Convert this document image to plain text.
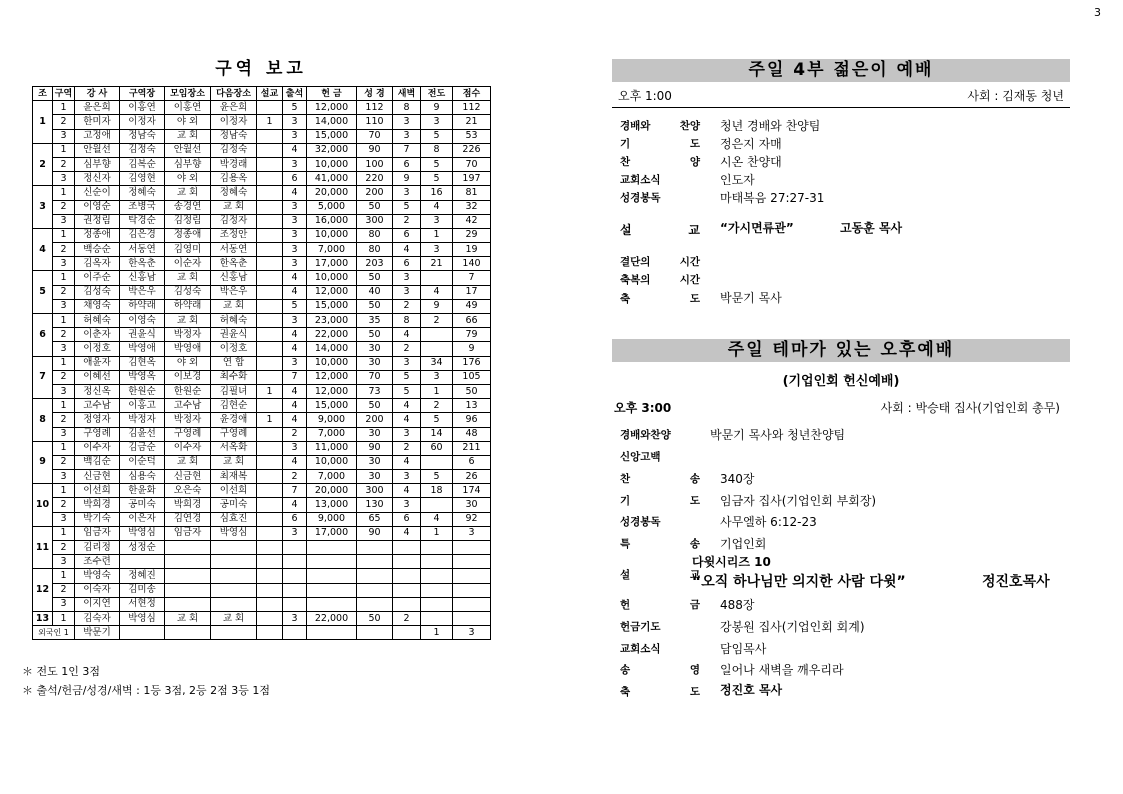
3
구역 보고
조	구역	강 사	구역장	모임장소	다음장소	설교	출석	헌 금	성 경	새벽	전도	점수
1	1	윤은희	이홍연	이홍연	윤은희		5	12,000	112	8	9	112
	2	한미자	이정자	야 외	이정자	1	3	14,000	110	3	3	21
	3	고정애	정남숙	교 회	정남숙		3	15,000	70	3	5	53
2	1	안월선	김정숙	안월선	김정숙		4	32,000	90	7	8	226
	2	심부향	김복순	심부향	박경래		3	10,000	100	6	5	70
	3	정신자	김영현	야 외	김용옥		6	41,000	220	9	5	197
3	1	신순이	정혜숙	교 회	정혜숙		4	20,000	200	3	16	81
	2	이영순	조병국	송경연	교 회		3	5,000	50	5	4	32
	3	권정림	탁경순	김정림	김정자		3	16,000	300	2	3	42
4	1	정종애	김은경	정종애	조정안		3	10,000	80	6	1	29
	2	백승순	서동연	김영미	서동연		3	7,000	80	4	3	19
	3	김옥자	한옥춘	이순자	한옥춘		3	17,000	203	6	21	140
5	1	이주순	신홍남	교 회	신홍남		4	10,000	50	3		7
	2	김성숙	박은우	김성숙	박은우		4	12,000	40	3	4	17
	3	채영숙	하약래	하약래	교 회		5	15,000	50	2	9	49
6	1	허혜숙	이영숙	교 회	허혜숙		3	23,000	35	8	2	66
	2	이춘자	권윤식	박정자	권윤식		4	22,000	50	4		79
	3	이정호	박영애	박영애	이정호		4	14,000	30	2		9
7	1	애윤자	김현옥	야 외	연 합		3	10,000	30	3	34	176
	2	이혜선	박영옥	이보경	최수화		7	12,000	70	5	3	105
	3	정신옥	한원순	한원순	김필녀	1	4	12,000	73	5	1	50
8	1	고수남	이홍고	고수남	김현순		4	15,000	50	4	2	13
	2	정영자	박정자	박정자	윤경애	1	4	9,000	200	4	5	96
	3	구영례	김윤선	구영례	구영례		2	7,000	30	3	14	48
9	1	이수자	김금순	이수자	서옥화		3	11,000	90	2	60	211
	2	백김순	이순덕	교 회	교 회		4	10,000	30	4		6
	3	신금현	심용숙	신금현	최재복		2	7,000	30	3	5	26
10	1	이선희	한윤화	오은숙	이선희		7	20,000	300	4	18	174
	2	박희경	공미숙	박희경	공미숙		4	13,000	130	3		30
	3	박기숙	이은자	김연경	심효진		6	9,000	65	6	4	92
11	1	임금자	박영심	임금자	박영심		3	17,000	90	4	1	3
	2	김리정	성정순									
	3	조수련										
12	1	박영숙	정혜진									
	2	이숙자	김미송									
	3	이지연	서현정									
13	1	김숙자	박영심	교 회	교 회		3	22,000	50	2		
외국인 1		박문기									1	3
＊ 전도 1인 3점
＊ 출석/헌금/성경/새벽 : 1등 3점, 2등 2점 3등 1점
주일 4부 젊은이 예배
오후 1:00	사회 : 김재동 청년
경배와 찬양 청년 경배와 찬양팀
기 도 정은지 자매
찬 양 시온 찬양대
교회소식	인도자
성경봉독	마태복음 27:27-31
설 교 “가시면류관”	고동훈 목사
결단의 시간
축복의 시간
축 도 박문기 목사
주일 테마가 있는 오후예배
(기업인회 헌신예배)
오후 3:00	사회 : 박승태 집사(기업인회 총무)
경배와찬양	박문기 목사와 청년찬양팀
신앙고백
찬 송 340장
기 도 임금자 집사(기업인회 부회장)
성경봉독	사무엘하 6:12-23
특 송 기업인회
다윗시리즈 10
설 교
“오직 하나님만 의지한 사람 다윗”	정진호목사
헌 금 488장
헌금기도	강봉원 집사(기업인회 회계)
교회소식	담임목사
송 영 일어나 새벽을 깨우리라
축 도 정진호 목사
